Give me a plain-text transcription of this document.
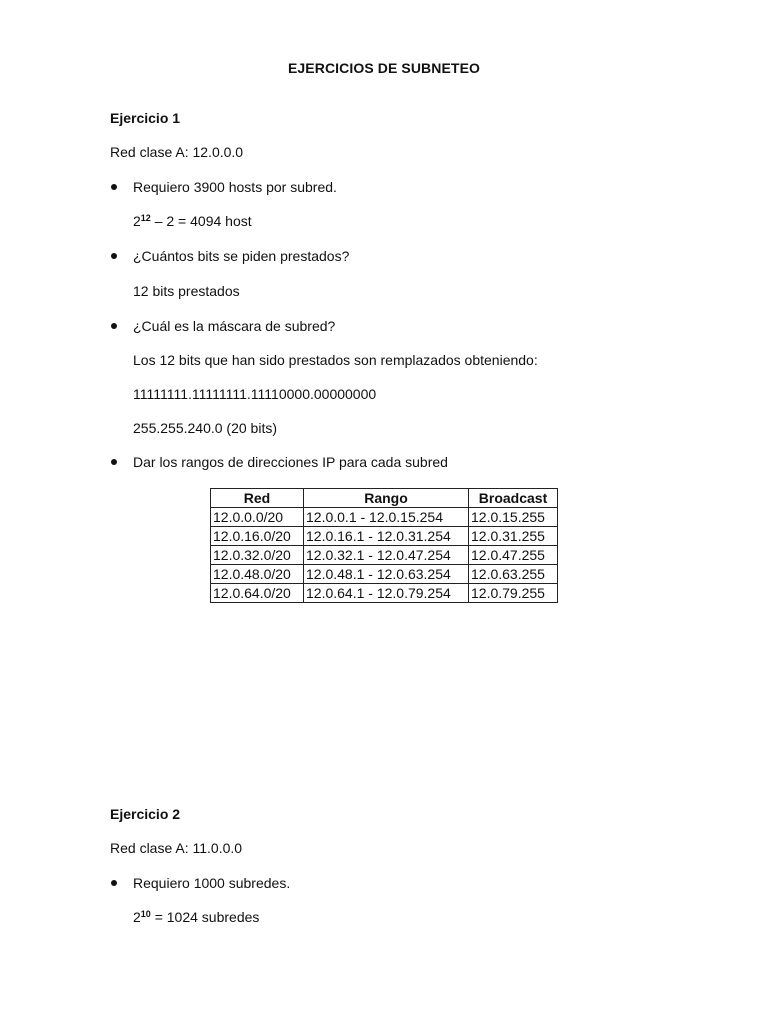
EJERCICIOS DE SUBNETEO
Ejercicio 1
Red clase A: 12.0.0.0
Requiero 3900 hosts por subred.
$2^{12} - 2 = 4094$ host
¿Cuántos bits se piden prestados?
12 bits prestados
¿Cuál es la máscara de subred?
Los 12 bits que han sido prestados son remplazados obteniendo:
11111111.11111111.11110000.00000000
255.255.240.0 (20 bits)
Dar los rangos de direcciones IP para cada subred
Red	Rango	Broadcast
12.0.0.0/20	12.0.0.1 - 12.0.15.254	12.0.15.255
12.0.16.0/20	12.0.16.1 - 12.0.31.254	12.0.31.255
12.0.32.0/20	12.0.32.1 - 12.0.47.254	12.0.47.255
12.0.48.0/20	12.0.48.1 - 12.0.63.254	12.0.63.255
12.0.64.0/20	12.0.64.1 - 12.0.79.254	12.0.79.255
Ejercicio 2
Red clase A: 11.0.0.0
Requiero 1000 subredes.
$2^{10} = 1024$ subredes
